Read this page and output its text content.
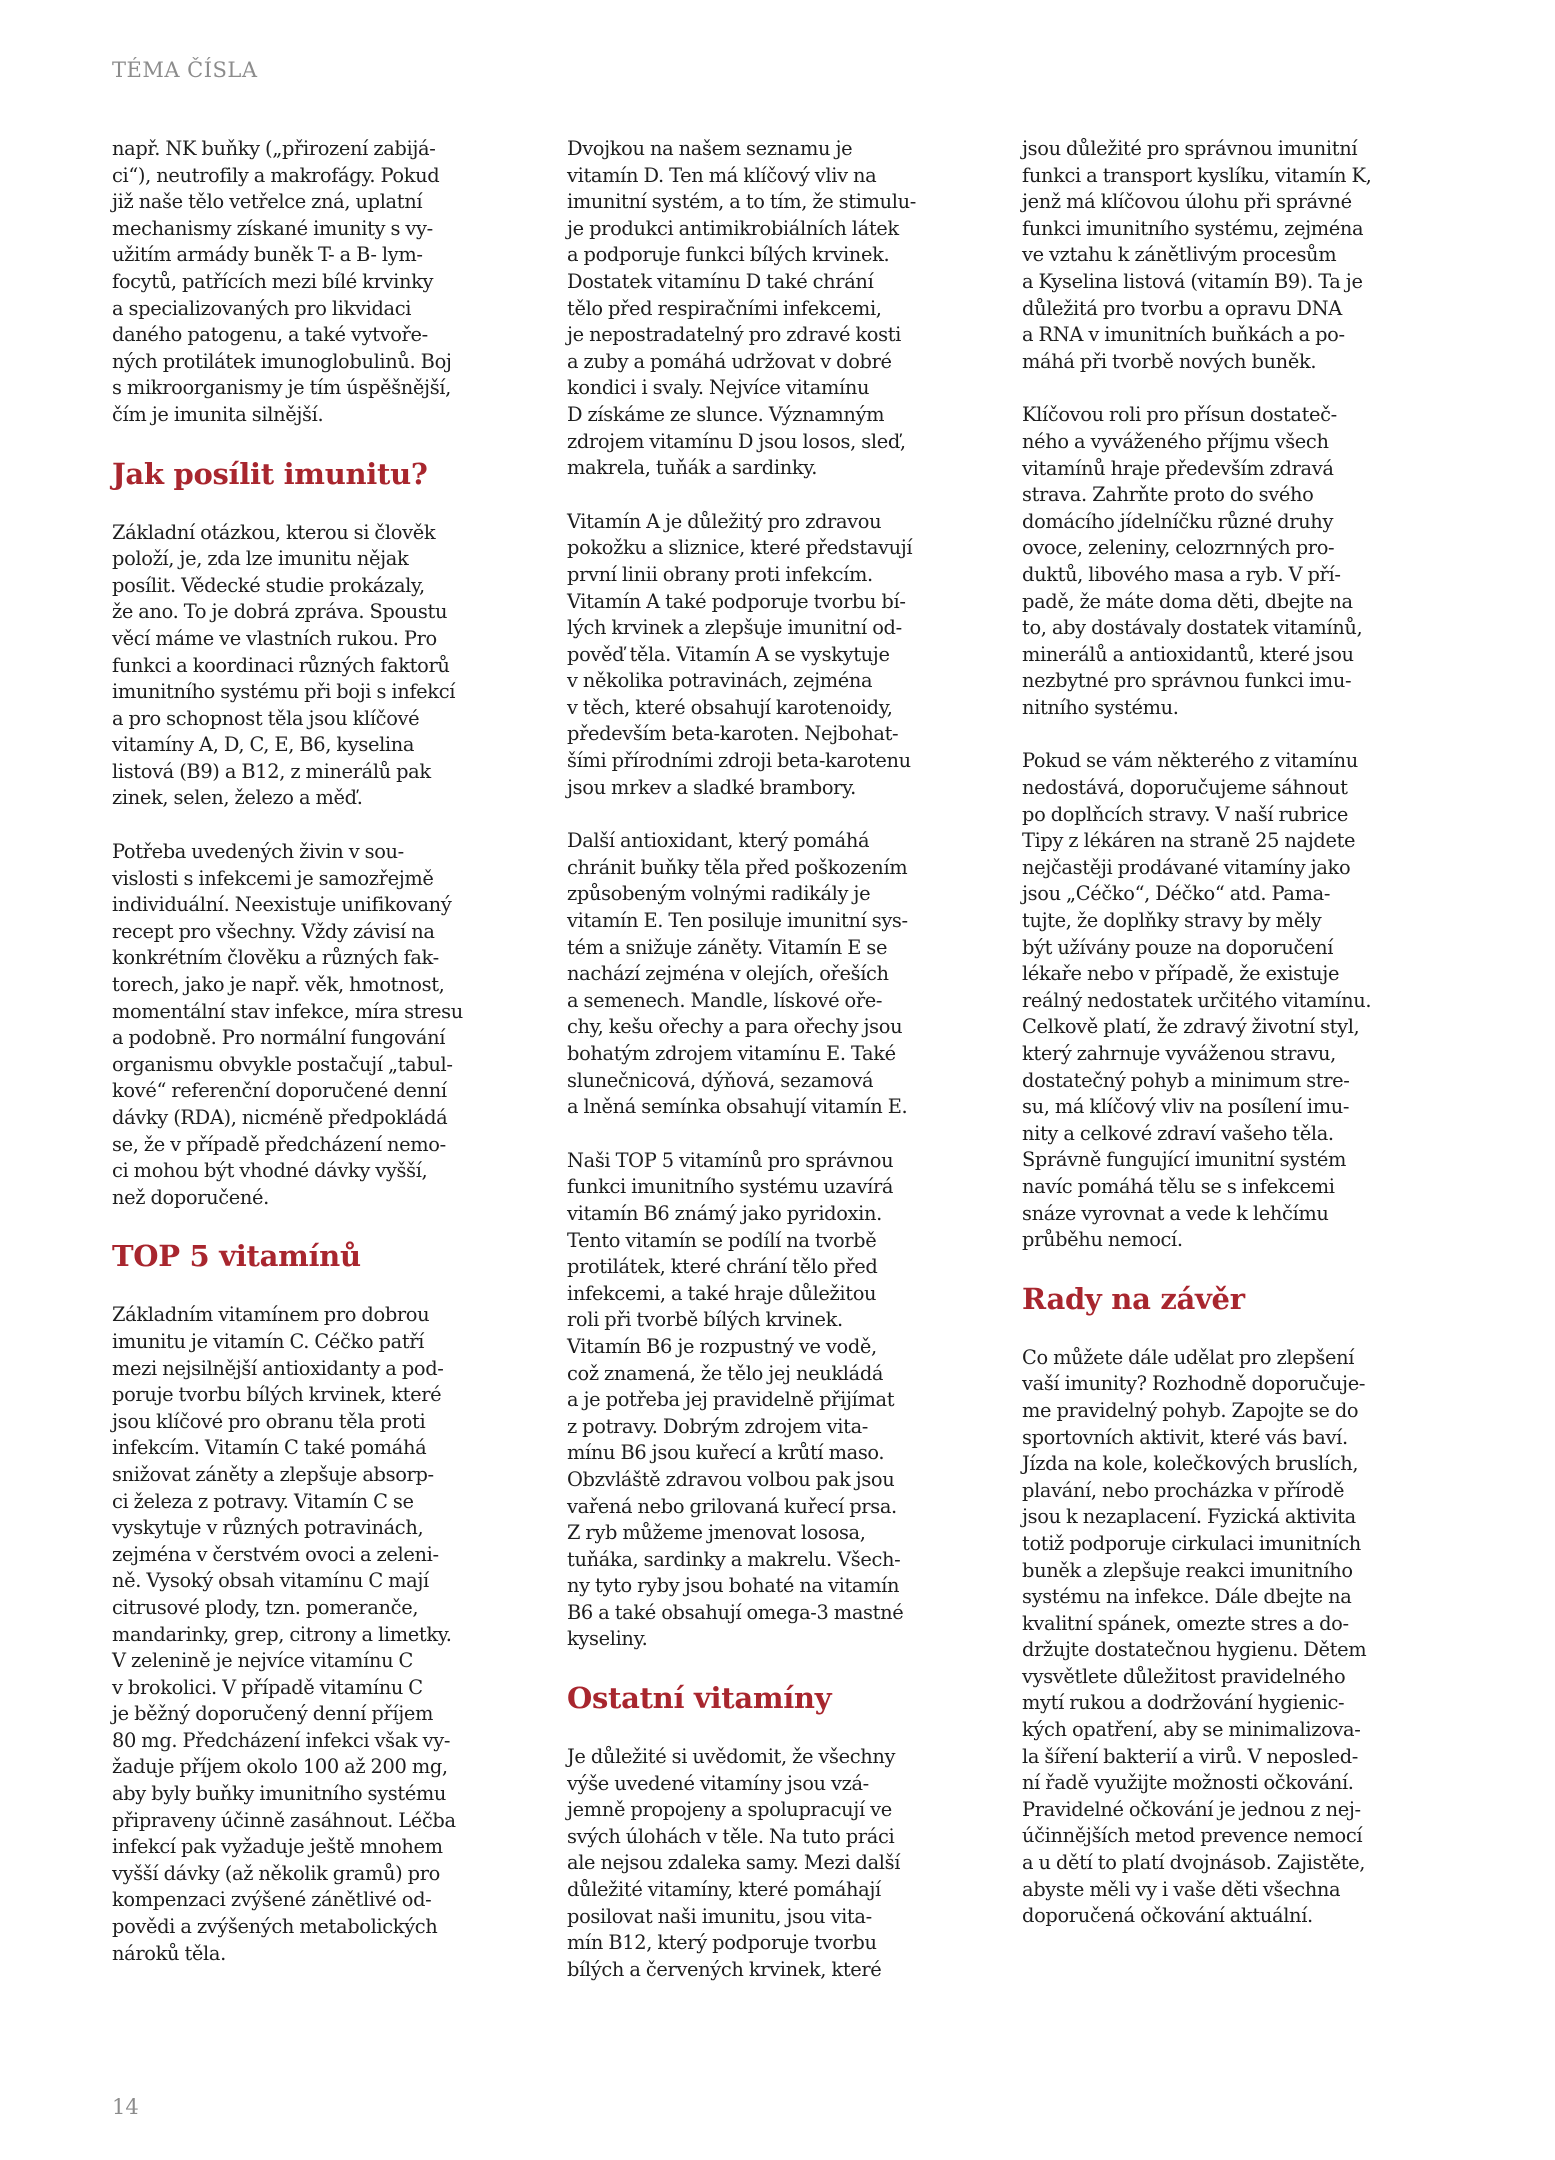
TÉMA ČÍSLA

např. NK buňky („přirození zabijá-
ci“), neutrofily a makrofágy. Pokud
již naše tělo vetřelce zná, uplatní
mechanismy získané imunity s vy-
užitím armády buněk T- a B- lym-
focytů, patřících mezi bílé krvinky
a specializovaných pro likvidaci
daného patogenu, a také vytvoře-
ných protilátek imunoglobulinů. Boj
s mikroorganismy je tím úspěšnější,
čím je imunita silnější.

Jak posílit imunitu?

Základní otázkou, kterou si člověk
položí, je, zda lze imunitu nějak
posílit. Vědecké studie prokázaly,
že ano. To je dobrá zpráva. Spoustu
věcí máme ve vlastních rukou. Pro
funkci a koordinaci různých faktorů
imunitního systému při boji s infekcí
a pro schopnost těla jsou klíčové
vitamíny A, D, C, E, B6, kyselina
listová (B9) a B12, z minerálů pak
zinek, selen, železo a měď.

Potřeba uvedených živin v sou-
vislosti s infekcemi je samozřejmě
individuální. Neexistuje unifikovaný
recept pro všechny. Vždy závisí na
konkrétním člověku a různých fak-
torech, jako je např. věk, hmotnost,
momentální stav infekce, míra stresu
a podobně. Pro normální fungování
organismu obvykle postačují „tabul-
kové“ referenční doporučené denní
dávky (RDA), nicméně předpokládá
se, že v případě předcházení nemo-
ci mohou být vhodné dávky vyšší,
než doporučené.

TOP 5 vitamínů

Základním vitamínem pro dobrou
imunitu je vitamín C. Céčko patří
mezi nejsilnější antioxidanty a pod-
poruje tvorbu bílých krvinek, které
jsou klíčové pro obranu těla proti
infekcím. Vitamín C také pomáhá
snižovat záněty a zlepšuje absorp-
ci železa z potravy. Vitamín C se
vyskytuje v různých potravinách,
zejména v čerstvém ovoci a zeleni-
ně. Vysoký obsah vitamínu C mají
citrusové plody, tzn. pomeranče,
mandarinky, grep, citrony a limetky.
V zelenině je nejvíce vitamínu C
v brokolici. V případě vitamínu C
je běžný doporučený denní příjem
80 mg. Předcházení infekci však vy-
žaduje příjem okolo 100 až 200 mg,
aby byly buňky imunitního systému
připraveny účinně zasáhnout. Léčba
infekcí pak vyžaduje ještě mnohem
vyšší dávky (až několik gramů) pro
kompenzaci zvýšené zánětlivé od-
povědi a zvýšených metabolických
nároků těla.

Dvojkou na našem seznamu je
vitamín D. Ten má klíčový vliv na
imunitní systém, a to tím, že stimulu-
je produkci antimikrobiálních látek
a podporuje funkci bílých krvinek.
Dostatek vitamínu D také chrání
tělo před respiračními infekcemi,
je nepostradatelný pro zdravé kosti
a zuby a pomáhá udržovat v dobré
kondici i svaly. Nejvíce vitamínu
D získáme ze slunce. Významným
zdrojem vitamínu D jsou losos, sleď,
makrela, tuňák a sardinky.

Vitamín A je důležitý pro zdravou
pokožku a sliznice, které představují
první linii obrany proti infekcím.
Vitamín A také podporuje tvorbu bí-
lých krvinek a zlepšuje imunitní od-
pověď těla. Vitamín A se vyskytuje
v několika potravinách, zejména
v těch, které obsahují karotenoidy,
především beta-karoten. Nejbohat-
šími přírodními zdroji beta-karotenu
jsou mrkev a sladké brambory.

Další antioxidant, který pomáhá
chránit buňky těla před poškozením
způsobeným volnými radikály je
vitamín E. Ten posiluje imunitní sys-
tém a snižuje záněty. Vitamín E se
nachází zejména v olejích, ořeších
a semenech. Mandle, lískové oře-
chy, kešu ořechy a para ořechy jsou
bohatým zdrojem vitamínu E. Také
slunečnicová, dýňová, sezamová
a lněná semínka obsahují vitamín E.

Naši TOP 5 vitamínů pro správnou
funkci imunitního systému uzavírá
vitamín B6 známý jako pyridoxin.
Tento vitamín se podílí na tvorbě
protilátek, které chrání tělo před
infekcemi, a také hraje důležitou
roli při tvorbě bílých krvinek.
Vitamín B6 je rozpustný ve vodě,
což znamená, že tělo jej neukládá
a je potřeba jej pravidelně přijímat
z potravy. Dobrým zdrojem vita-
mínu B6 jsou kuřecí a krůtí maso.
Obzvláště zdravou volbou pak jsou
vařená nebo grilovaná kuřecí prsa.
Z ryb můžeme jmenovat lososa,
tuňáka, sardinky a makrelu. Všech-
ny tyto ryby jsou bohaté na vitamín
B6 a také obsahují omega-3 mastné
kyseliny.

Ostatní vitamíny

Je důležité si uvědomit, že všechny
výše uvedené vitamíny jsou vzá-
jemně propojeny a spolupracují ve
svých úlohách v těle. Na tuto práci
ale nejsou zdaleka samy. Mezi další
důležité vitamíny, které pomáhají
posilovat naši imunitu, jsou vita-
mín B12, který podporuje tvorbu
bílých a červených krvinek, které

jsou důležité pro správnou imunitní
funkci a transport kyslíku, vitamín K,
jenž má klíčovou úlohu při správné
funkci imunitního systému, zejména
ve vztahu k zánětlivým procesům
a Kyselina listová (vitamín B9). Ta je
důležitá pro tvorbu a opravu DNA
a RNA v imunitních buňkách a po-
máhá při tvorbě nových buněk.

Klíčovou roli pro přísun dostateč-
ného a vyváženého příjmu všech
vitamínů hraje především zdravá
strava. Zahrňte proto do svého
domácího jídelníčku různé druhy
ovoce, zeleniny, celozrnných pro-
duktů, libového masa a ryb. V pří-
padě, že máte doma děti, dbejte na
to, aby dostávaly dostatek vitamínů,
minerálů a antioxidantů, které jsou
nezbytné pro správnou funkci imu-
nitního systému.

Pokud se vám některého z vitamínu
nedostává, doporučujeme sáhnout
po doplňcích stravy. V naší rubrice
Tipy z lékáren na straně 25 najdete
nejčastěji prodávané vitamíny jako
jsou „Céčko“, Déčko“ atd. Pama-
tujte, že doplňky stravy by měly
být užívány pouze na doporučení
lékaře nebo v případě, že existuje
reálný nedostatek určitého vitamínu.
Celkově platí, že zdravý životní styl,
který zahrnuje vyváženou stravu,
dostatečný pohyb a minimum stre-
su, má klíčový vliv na posílení imu-
nity a celkové zdraví vašeho těla.
Správně fungující imunitní systém
navíc pomáhá tělu se s infekcemi
snáze vyrovnat a vede k lehčímu
průběhu nemocí.

Rady na závěr

Co můžete dále udělat pro zlepšení
vaší imunity? Rozhodně doporučuje-
me pravidelný pohyb. Zapojte se do
sportovních aktivit, které vás baví.
Jízda na kole, kolečkových bruslích,
plavání, nebo procházka v přírodě
jsou k nezaplacení. Fyzická aktivita
totiž podporuje cirkulaci imunitních
buněk a zlepšuje reakci imunitního
systému na infekce. Dále dbejte na
kvalitní spánek, omezte stres a do-
držujte dostatečnou hygienu. Dětem
vysvětlete důležitost pravidelného
mytí rukou a dodržování hygienic-
kých opatření, aby se minimalizova-
la šíření bakterií a virů. V neposled-
ní řadě využijte možnosti očkování.
Pravidelné očkování je jednou z nej-
účinnějších metod prevence nemocí
a u dětí to platí dvojnásob. Zajistěte,
abyste měli vy i vaše děti všechna
doporučená očkování aktuální.

14
